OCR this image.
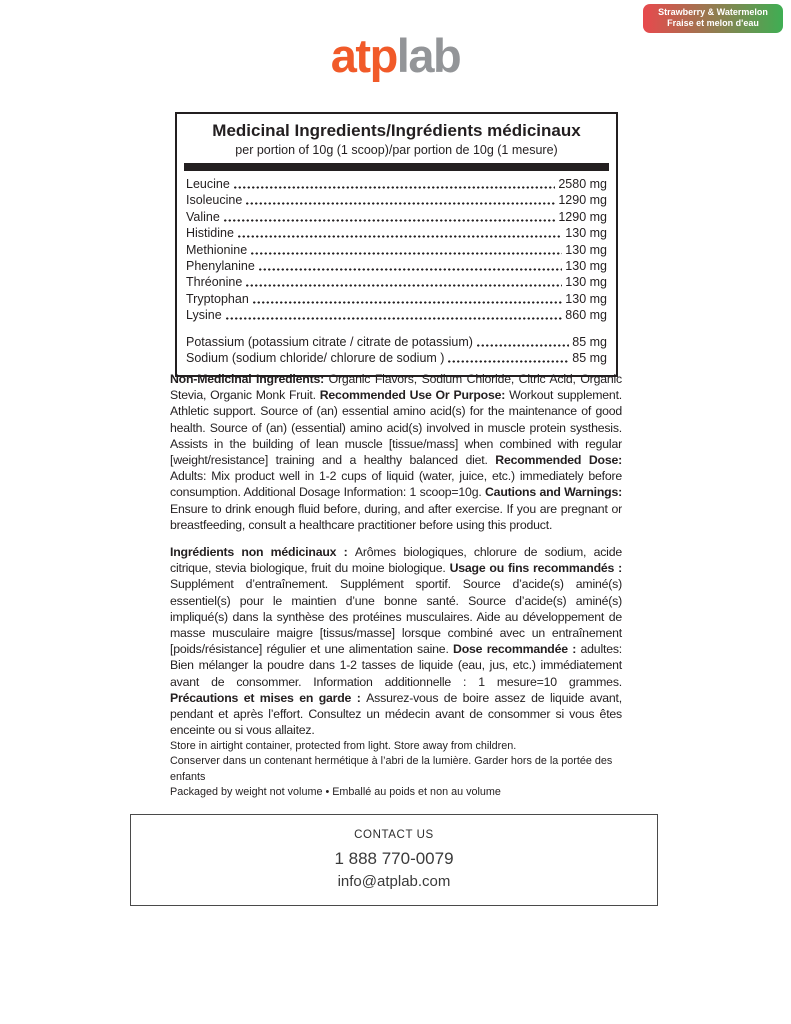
Strawberry & Watermelon
Fraise et melon d'eau
atplab
Medicinal Ingredients/Ingrédients médicinaux
per portion of 10g (1 scoop)/par portion de 10g (1 mesure)
Leucine	2580 mg
Isoleucine	1290 mg
Valine	1290 mg
Histidine	130 mg
Methionine	130 mg
Phenylanine	130 mg
Thréonine	130 mg
Tryptophan	130 mg
Lysine	860 mg
Potassium (potassium citrate / citrate de potassium)	85 mg
Sodium (sodium chloride/ chlorure de sodium )	85 mg
Non-Medicinal Ingredients: Organic Flavors, Sodium Chloride, Citric Acid, Organic Stevia, Organic Monk Fruit. Recommended Use Or Purpose: Workout supplement. Athletic support. Source of (an) essential amino acid(s) for the maintenance of good health. Source of (an) (essential) amino acid(s) involved in muscle protein systhesis. Assists in the building of lean muscle [tissue/mass] when combined with regular [weight/resistance] training and a healthy balanced diet. Recommended Dose: Adults: Mix product well in 1-2 cups of liquid (water, juice, etc.) immediately before consumption. Additional Dosage Information: 1 scoop=10g. Cautions and Warnings: Ensure to drink enough fluid before, during, and after exercise. If you are pregnant or breastfeeding, consult a healthcare practitioner before using this product.
Ingrédients non médicinaux : Arômes biologiques, chlorure de sodium, acide citrique, stevia biologique, fruit du moine biologique. Usage ou fins recommandés : Supplément d’entraînement. Supplément sportif. Source d’acide(s) aminé(s) essentiel(s) pour le maintien d’une bonne santé. Source d’acide(s) aminé(s) impliqué(s) dans la synthèse des protéines musculaires. Aide au développement de masse musculaire maigre [tissus/masse] lorsque combiné avec un entraînement [poids/résistance] régulier et une alimentation saine. Dose recommandée : adultes: Bien mélanger la poudre dans 1-2 tasses de liquide (eau, jus, etc.) immédiatement avant de consommer. Information additionnelle : 1 mesure=10 grammes. Précautions et mises en garde : Assurez-vous de boire assez de liquide avant, pendant et après l’effort. Consultez un médecin avant de consommer si vous êtes enceinte ou si vous allaitez.
Store in airtight container, protected from light. Store away from children.
Conserver dans un contenant hermétique à l’abri de la lumière. Garder hors de la portée des enfants
Packaged by weight not volume • Emballé au poids et non au volume
CONTACT US
1 888 770-0079
info@atplab.com
